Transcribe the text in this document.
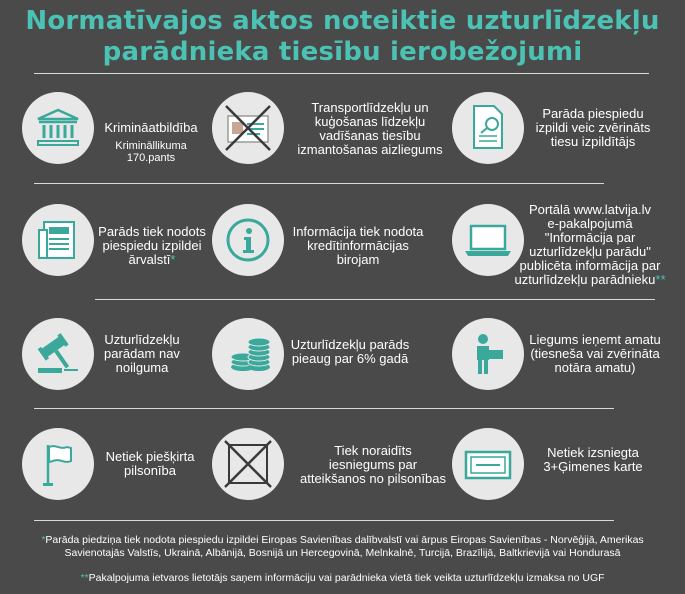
Normatīvajos aktos noteiktie uzturlīdzekļu
parādnieka tiesību ierobežojumi
Krimināatbildība
Krimināllikuma
170.pants
Transportlīdzekļu un
kuģošanas līdzekļu
vadīšanas tiesību
izmantošanas aizliegums
Parāda piespiedu
izpildi veic zvērināts
tiesu izpildītājs
Parāds tiek nodots
piespiedu izpildei
ārvalstī*
Informācija tiek nodota
kredītinformācijas
birojam
Portālā www.latvija.lv
e-pakalpojumā
"Informācija par
uzturlīdzekļu parādu"
publicēta informācija par
uzturlīdzekļu parādnieku**
Uzturlīdzekļu
parādam nav
noilguma
Uzturlīdzekļu parāds
pieaug par 6% gadā
Liegums ieņemt amatu
(tiesneša vai zvērināta
notāra amatu)
Netiek piešķirta
pilsonība
Tiek noraidīts
iesniegums par
atteikšanos no pilsonības
Netiek izsniegta
3+Ģimenes karte
*Parāda piedziņa tiek nodota piespiedu izpildei Eiropas Savienības dalībvalstī vai ārpus Eiropas Savienības - Norvēģijā, Amerikas
Savienotajās Valstīs, Ukrainā, Albānijā, Bosnijā un Hercegovinā, Melnkalnē, Turcijā, Brazīlijā, Baltkrievijā vai Hondurasā
**Pakalpojuma ietvaros lietotājs saņem informāciju vai parādnieka vietā tiek veikta uzturlīdzekļu izmaksa no UGF
